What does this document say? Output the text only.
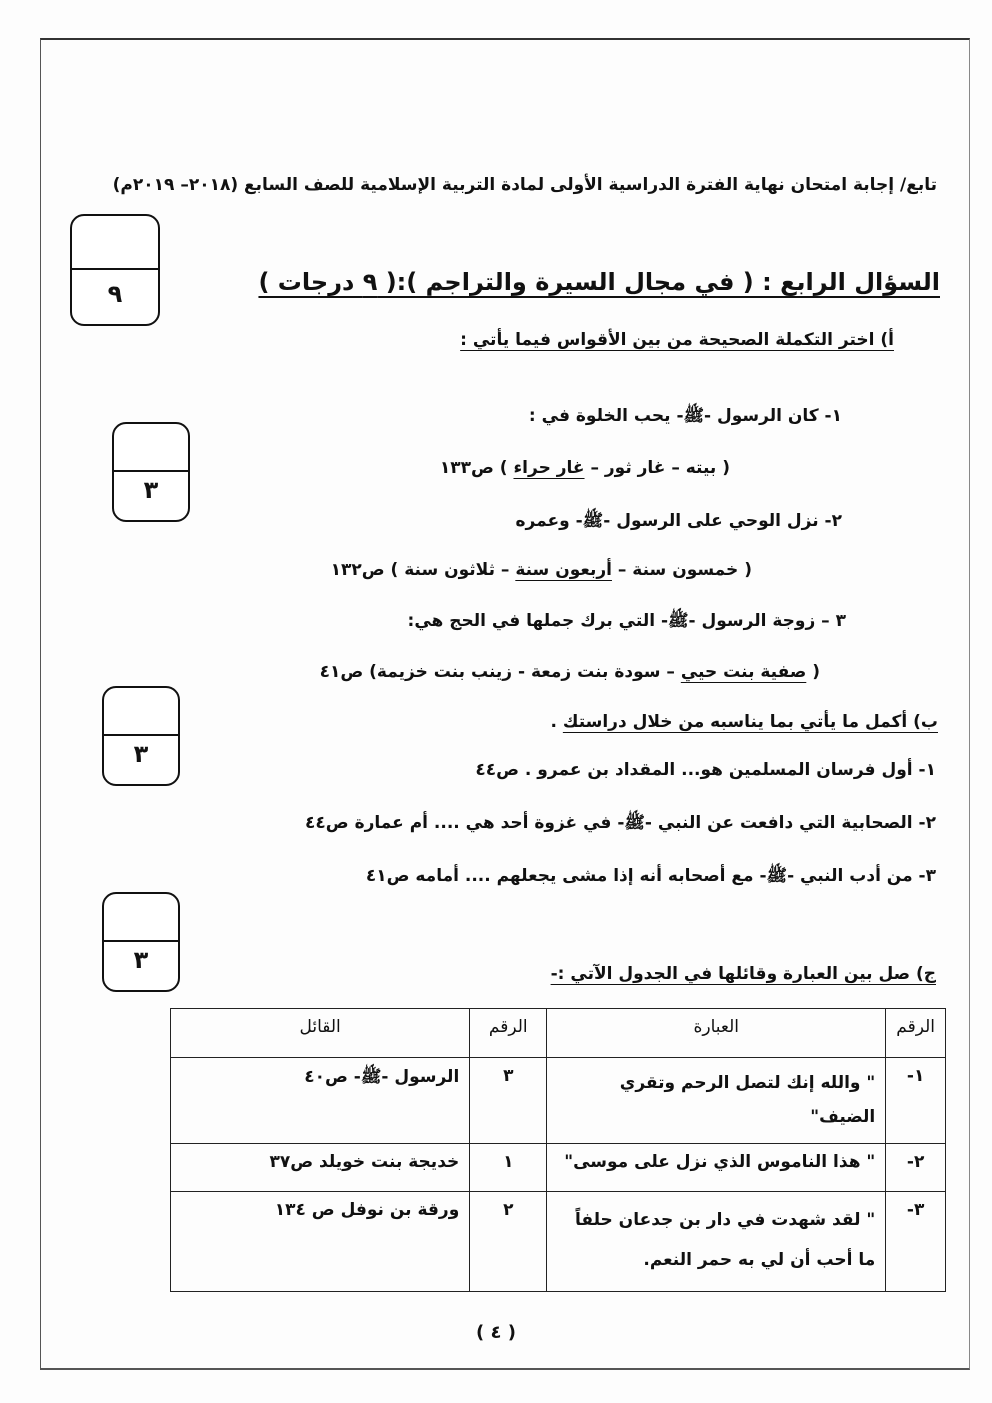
تابع/ إجابة امتحان نهاية الفترة الدراسية الأولى لمادة التربية الإسلامية للصف السابع (٢٠١٨– ٢٠١٩م)
٩	السؤال الرابع : ( في مجال السيرة والتراجم ):( ٩ درجات )
أ) اختر التكملة الصحيحة من بين الأقواس فيما يأتي :
٣
١- كان الرسول -ﷺ- يحب الخلوة في :
( بيته – غار ثور – غار حراء ) ص١٣٣
٢- نزل الوحي على الرسول -ﷺ- وعمره
( خمسون سنة – أربعون سنة – ثلاثون سنة ) ص١٣٢
٣ – زوجة الرسول -ﷺ- التي برك جملها في الحج هي:
( صفية بنت حيي – سودة بنت زمعة - زينب بنت خزيمة) ص٤١
٣
ب) أكمل ما يأتي بما يناسبه من خلال دراستك .
١- أول فرسان المسلمين هو... المقداد بن عمرو . ص٤٤
٢- الصحابية التي دافعت عن النبي -ﷺ- في غزوة أحد هي .... أم عمارة ص٤٤
٣- من أدب النبي -ﷺ- مع أصحابه أنه إذا مشى يجعلهم .... أمامه ص٤١
٣	ج) صل بين العبارة وقائلها في الجدول الآتي :-
الرقم	العبارة	الرقم	القائل
١-	" والله إنك لتصل الرحم وتقري الضيف"	٣	الرسول -ﷺ- ص٤٠
٢-	" هذا الناموس الذي نزل على موسى"	١	خديجة بنت خويلد ص٣٧
٣-	" لقد شهدت في دار بن جدعان حلفاً ما أحب أن لي به حمر النعم.	٢	ورقة بن نوفل ص ١٣٤
( ٤ )
